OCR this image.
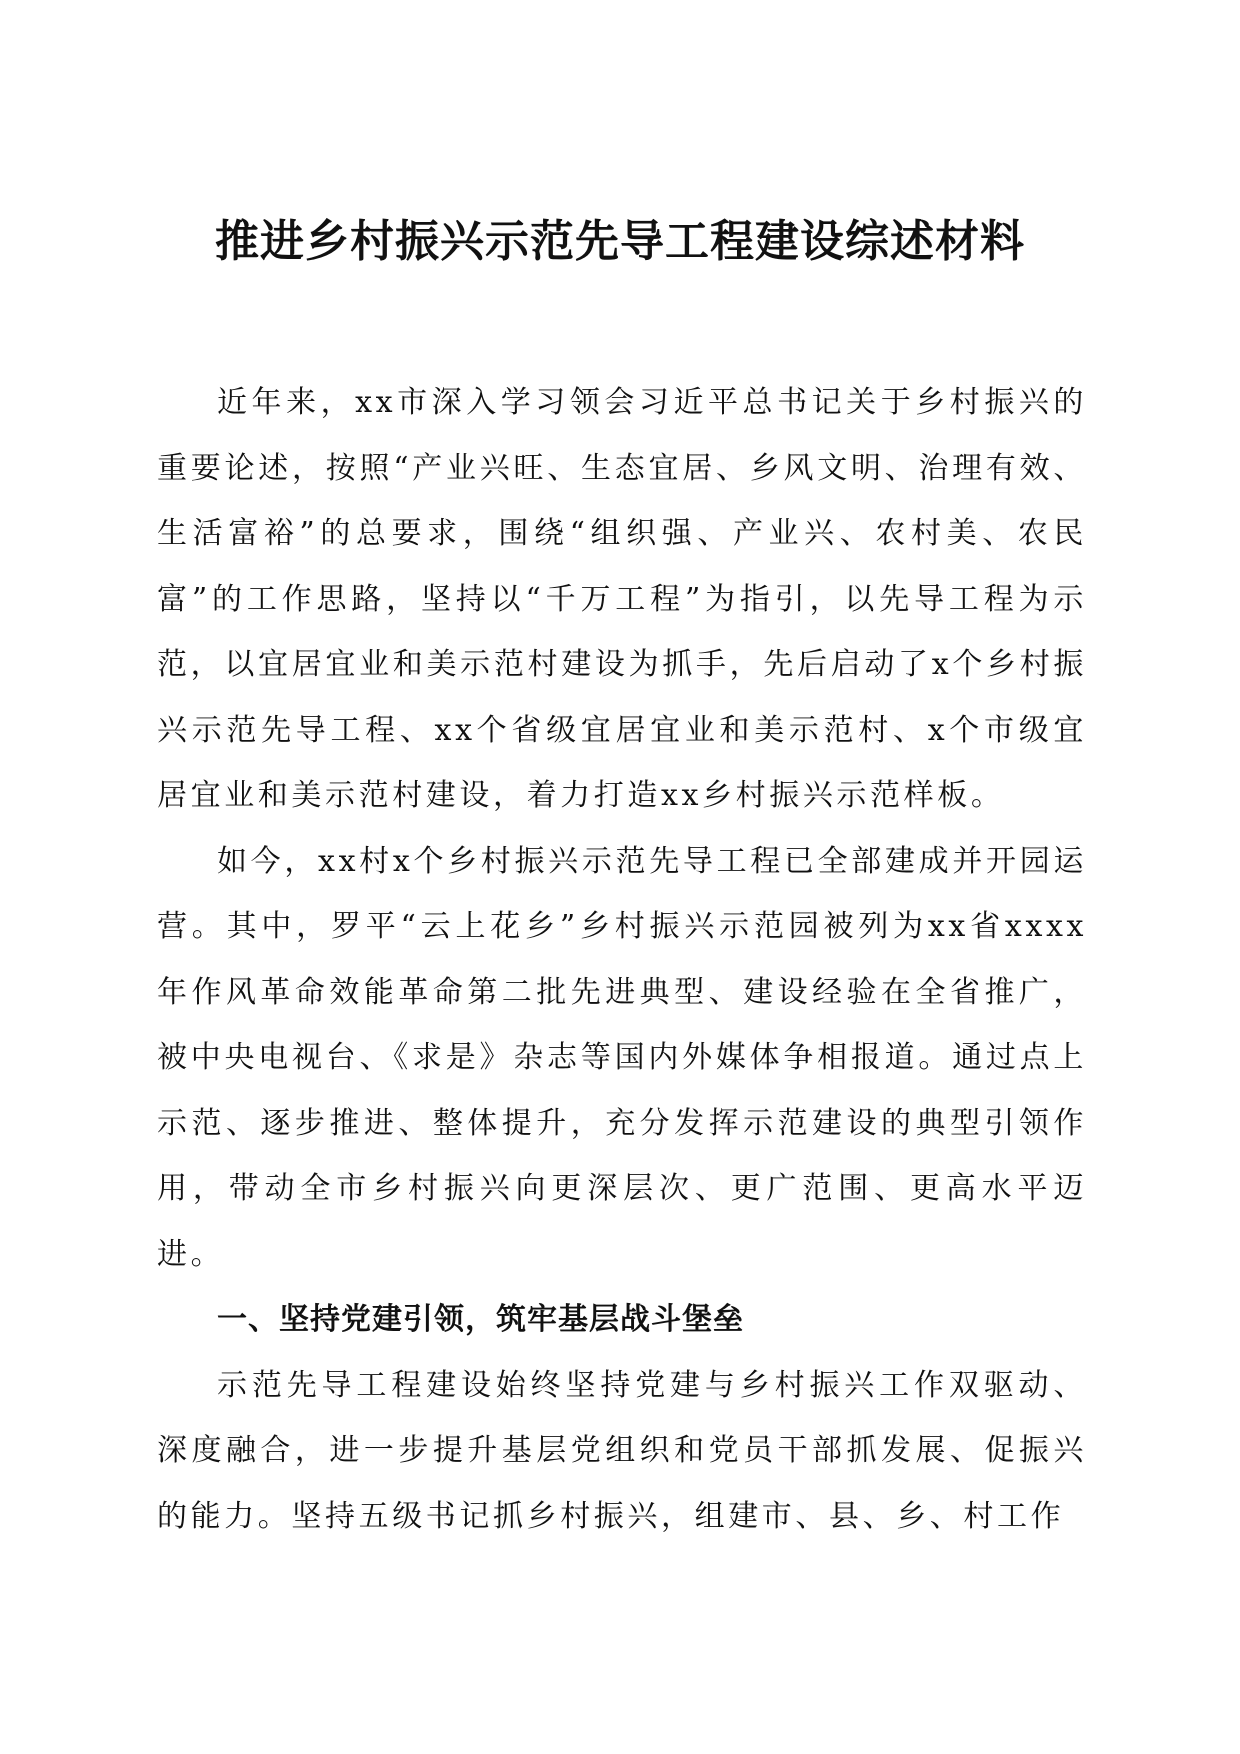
推进乡村振兴示范先导工程建设综述材料

近年来，xx市深入学习领会习近平总书记关于乡村振兴的重要论述，按照“产业兴旺、生态宜居、乡风文明、治理有效、生活富裕”的总要求，围绕“组织强、产业兴、农村美、农民富”的工作思路，坚持以“千万工程”为指引，以先导工程为示范，以宜居宜业和美示范村建设为抓手，先后启动了x个乡村振兴示范先导工程、xx个省级宜居宜业和美示范村、x个市级宜居宜业和美示范村建设，着力打造xx乡村振兴示范样板。

如今，xx村x个乡村振兴示范先导工程已全部建成并开园运营。其中，罗平“云上花乡”乡村振兴示范园被列为xx省xxxx年作风革命效能革命第二批先进典型、建设经验在全省推广，被中央电视台、《求是》杂志等国内外媒体争相报道。通过点上示范、逐步推进、整体提升，充分发挥示范建设的典型引领作用，带动全市乡村振兴向更深层次、更广范围、更高水平迈进。

一、坚持党建引领，筑牢基层战斗堡垒

示范先导工程建设始终坚持党建与乡村振兴工作双驱动、深度融合，进一步提升基层党组织和党员干部抓发展、促振兴的能力。坚持五级书记抓乡村振兴，组建市、县、乡、村工作
